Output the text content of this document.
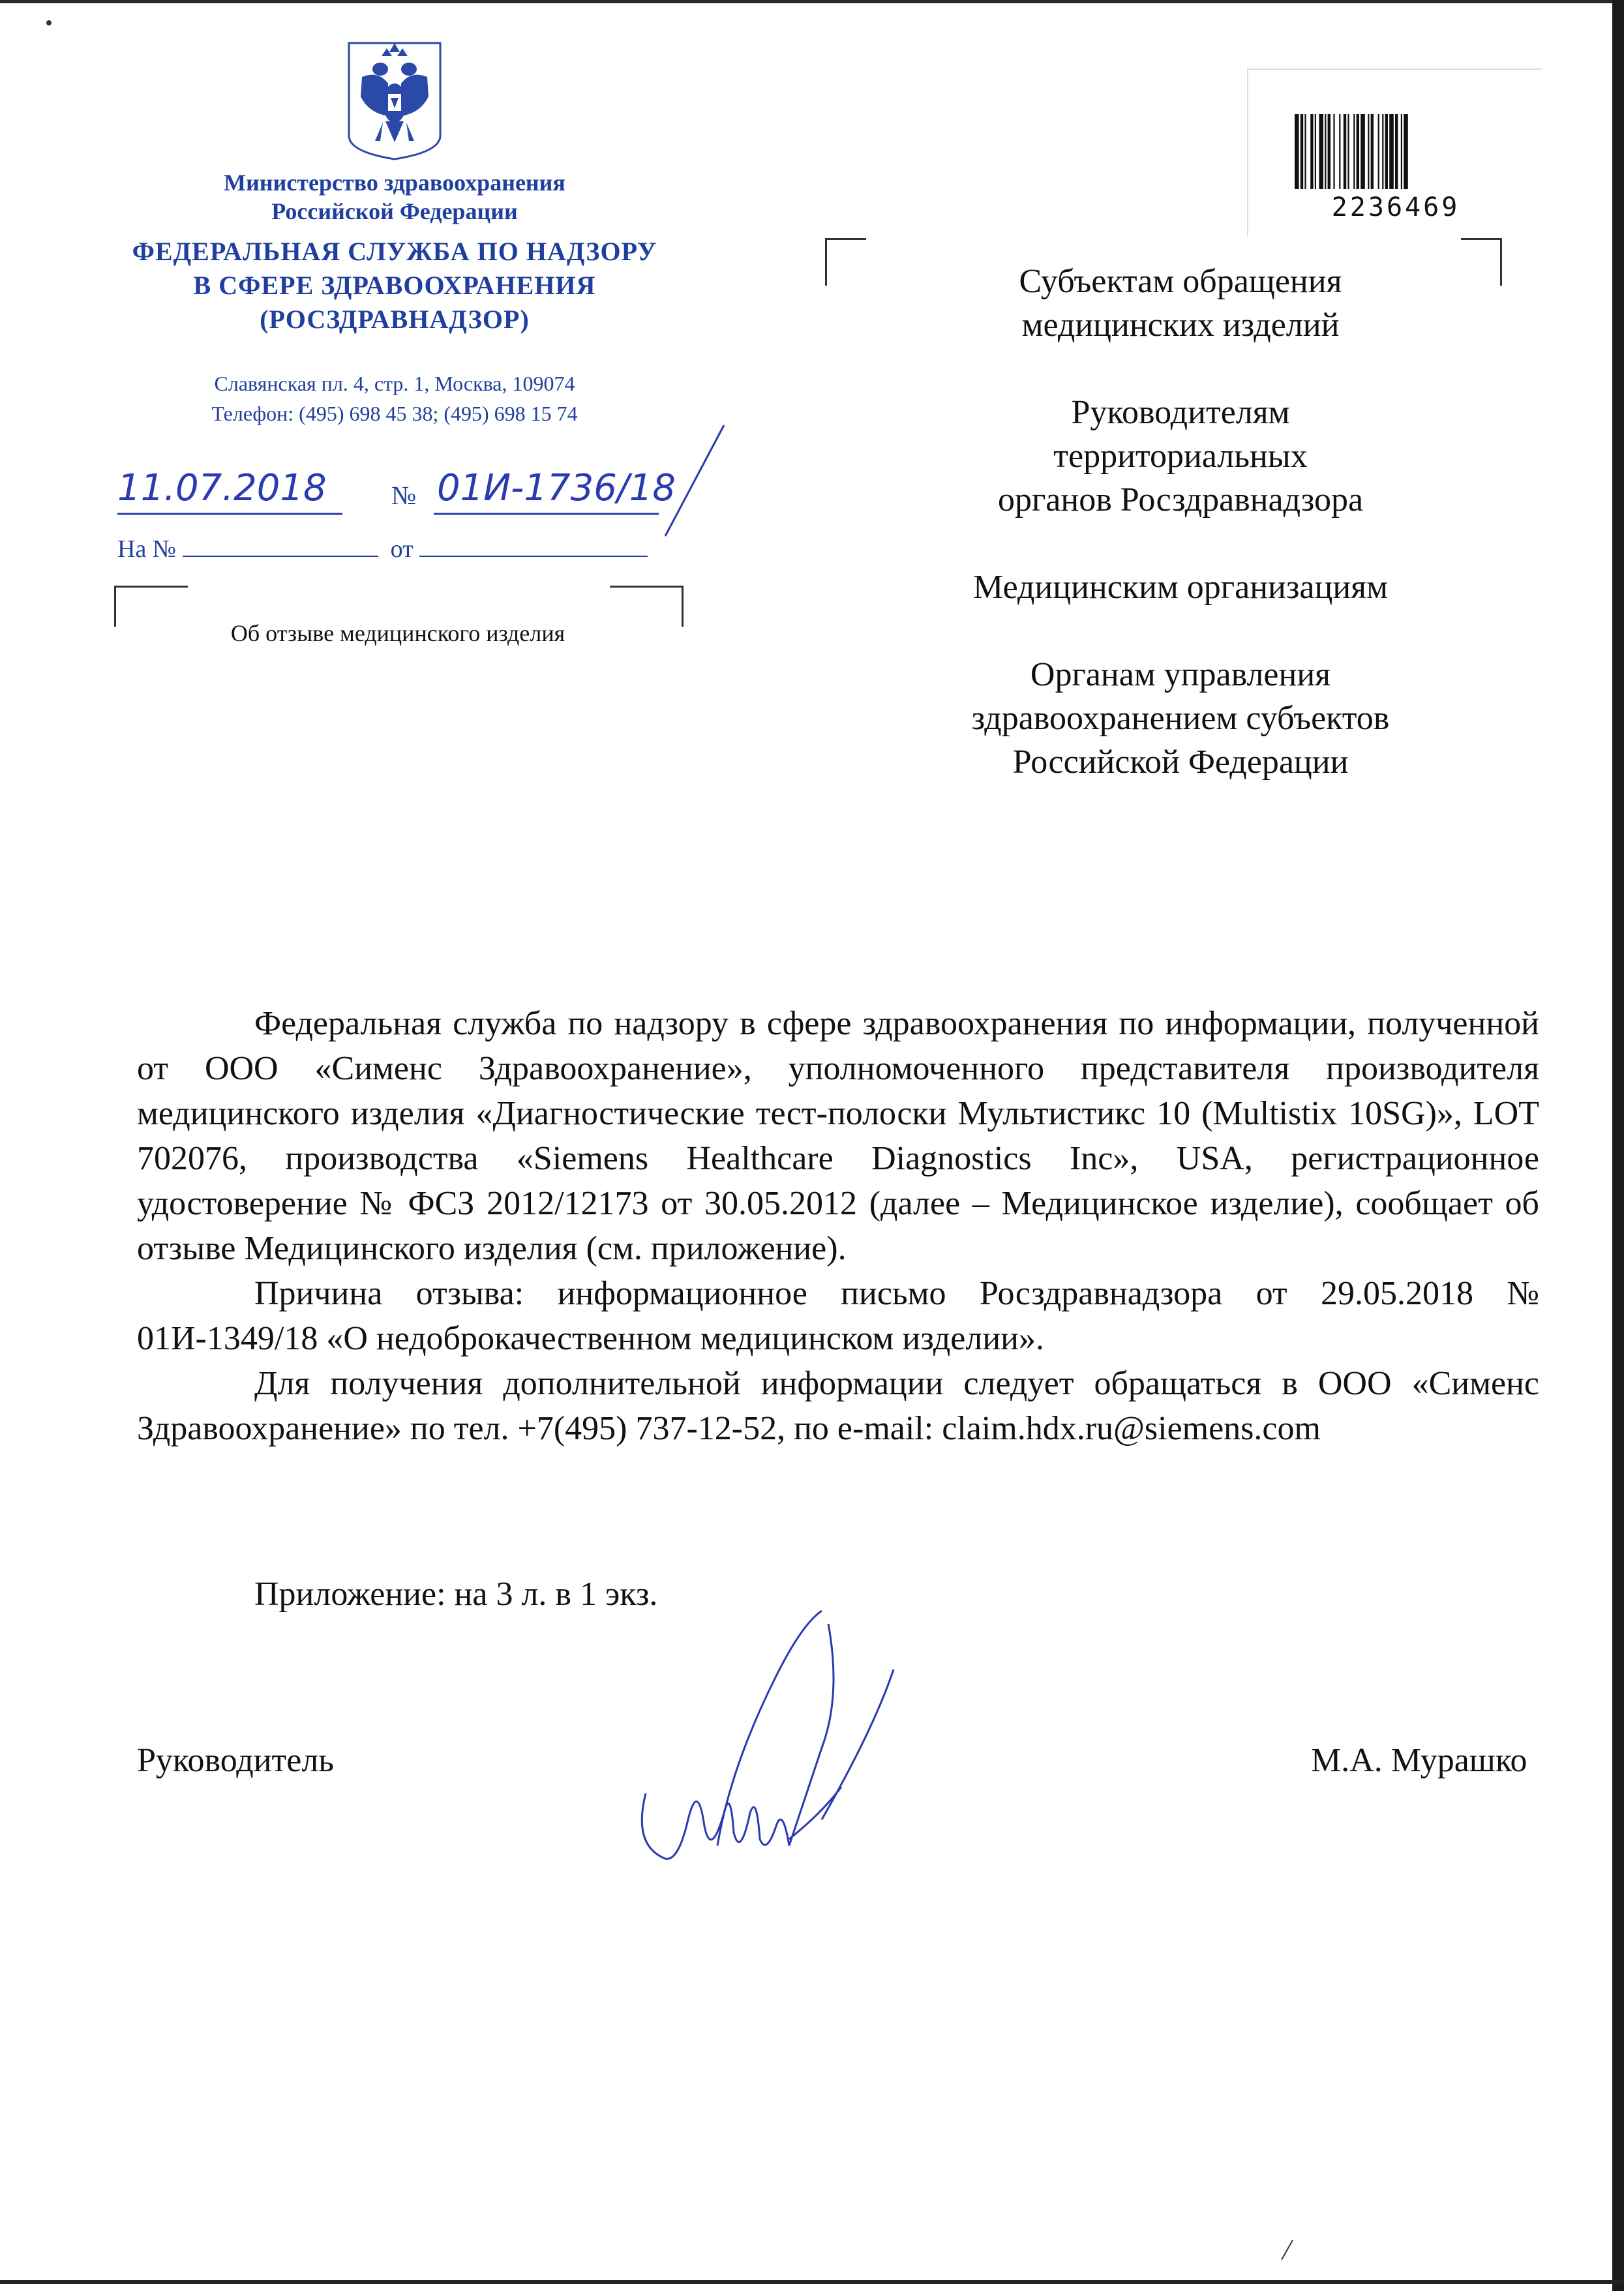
Министерство здравоохранения
Российской Федерации
ФЕДЕРАЛЬНАЯ СЛУЖБА ПО НАДЗОРУ
В СФЕРЕ ЗДРАВООХРАНЕНИЯ
(РОСЗДРАВНАДЗОР)
Славянская пл. 4, стр. 1, Москва, 109074
Телефон: (495) 698 45 38; (495) 698 15 74
11.07.2018 № 01И-1736/18
На №	от
Об отзыве медицинского изделия
2236469
Субъектам обращения
медицинских изделий
Руководителям
территориальных
органов Росздравнадзора
Медицинским организациям
Органам управления
здравоохранением субъектов
Российской Федерации

Федеральная служба по надзору в сфере здравоохранения по информации, полученной от ООО «Сименс Здравоохранение», уполномоченного представителя производителя медицинского изделия «Диагностические тест-полоски Мультистикс 10 (Multistix 10SG)», LOT 702076, производства «Siemens Healthcare Diagnostics Inc», USA, регистрационное удостоверение № ФСЗ 2012/12173 от 30.05.2012 (далее – Медицинское изделие), сообщает об отзыве Медицинского изделия (см. приложение).

Причина отзыва: информационное письмо Росздравнадзора от 29.05.2018 № 01И-1349/18 «О недоброкачественном медицинском изделии».

Для получения дополнительной информации следует обращаться в ООО «Сименс Здравоохранение» по тел. +7(495) 737-12-52, по e-mail: claim.hdx.ru@siemens.com

Приложение: на 3 л. в 1 экз.
Руководитель	М.А. Мурашко
